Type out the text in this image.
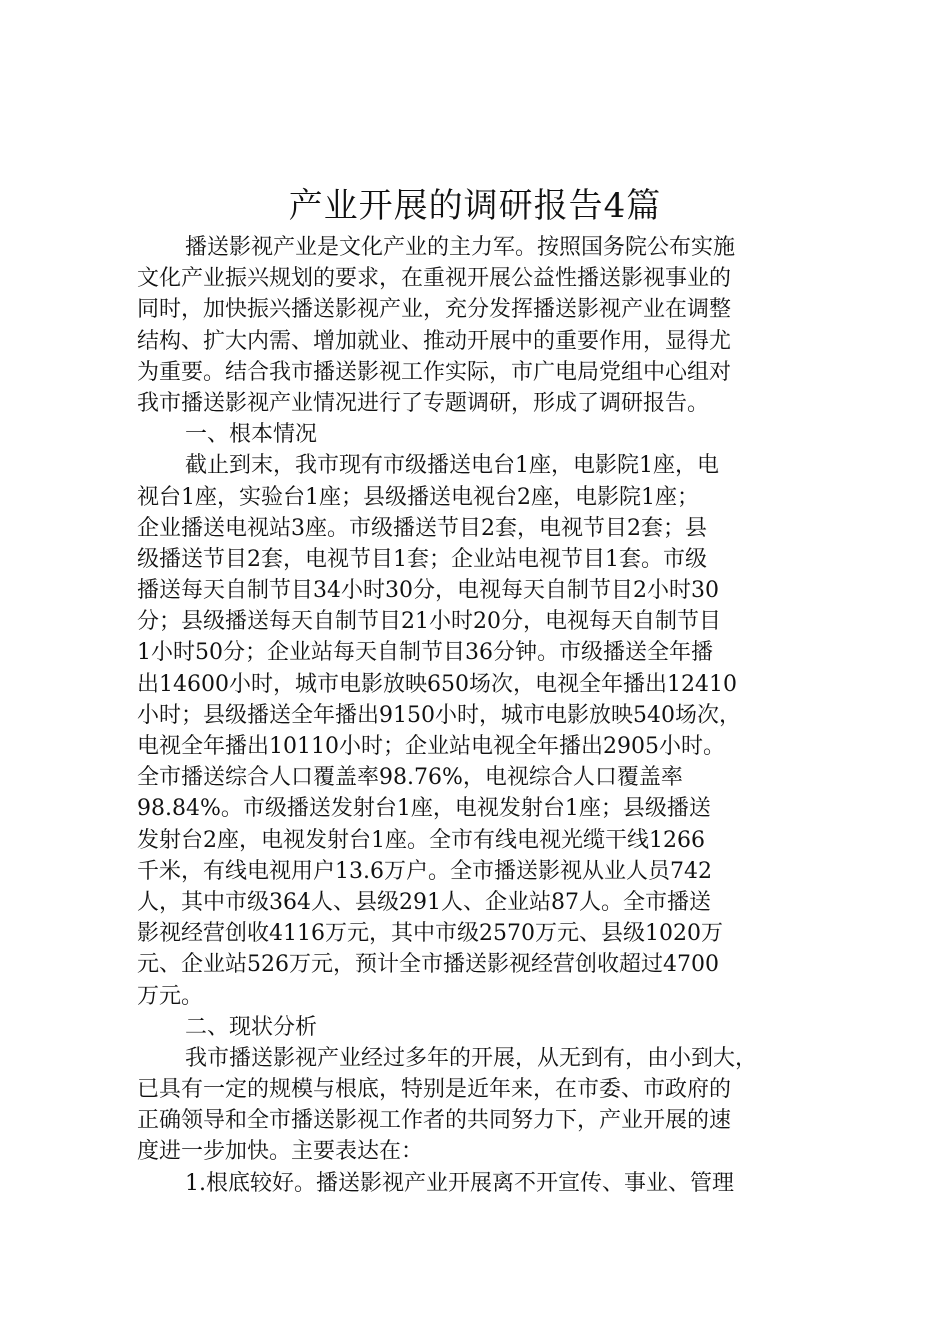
产业开展的调研报告4篇
播送影视产业是文化产业的主力军。按照国务院公布实施
文化产业振兴规划的要求，在重视开展公益性播送影视事业的
同时，加快振兴播送影视产业，充分发挥播送影视产业在调整
结构、扩大内需、增加就业、推动开展中的重要作用，显得尤
为重要。结合我市播送影视工作实际，市广电局党组中心组对
我市播送影视产业情况进行了专题调研，形成了调研报告。
一、根本情况
截止到末，我市现有市级播送电台1座，电影院1座，电
视台1座，实验台1座；县级播送电视台2座，电影院1座；
企业播送电视站3座。市级播送节目2套，电视节目2套；县
级播送节目2套，电视节目1套；企业站电视节目1套。市级
播送每天自制节目34小时30分，电视每天自制节目2小时30
分；县级播送每天自制节目21小时20分，电视每天自制节目
1小时50分；企业站每天自制节目36分钟。市级播送全年播
出14600小时，城市电影放映650场次，电视全年播出12410
小时；县级播送全年播出9150小时，城市电影放映540场次，
电视全年播出10110小时；企业站电视全年播出2905小时。
全市播送综合人口覆盖率98.76%，电视综合人口覆盖率
98.84%。市级播送发射台1座，电视发射台1座；县级播送
发射台2座，电视发射台1座。全市有线电视光缆干线1266
千米，有线电视用户13.6万户。全市播送影视从业人员742
人，其中市级364人、县级291人、企业站87人。全市播送
影视经营创收4116万元，其中市级2570万元、县级1020万
元、企业站526万元，预计全市播送影视经营创收超过4700
万元。
二、现状分析
我市播送影视产业经过多年的开展，从无到有，由小到大，
已具有一定的规模与根底，特别是近年来，在市委、市政府的
正确领导和全市播送影视工作者的共同努力下，产业开展的速
度进一步加快。主要表达在：
1.根底较好。播送影视产业开展离不开宣传、事业、管理
